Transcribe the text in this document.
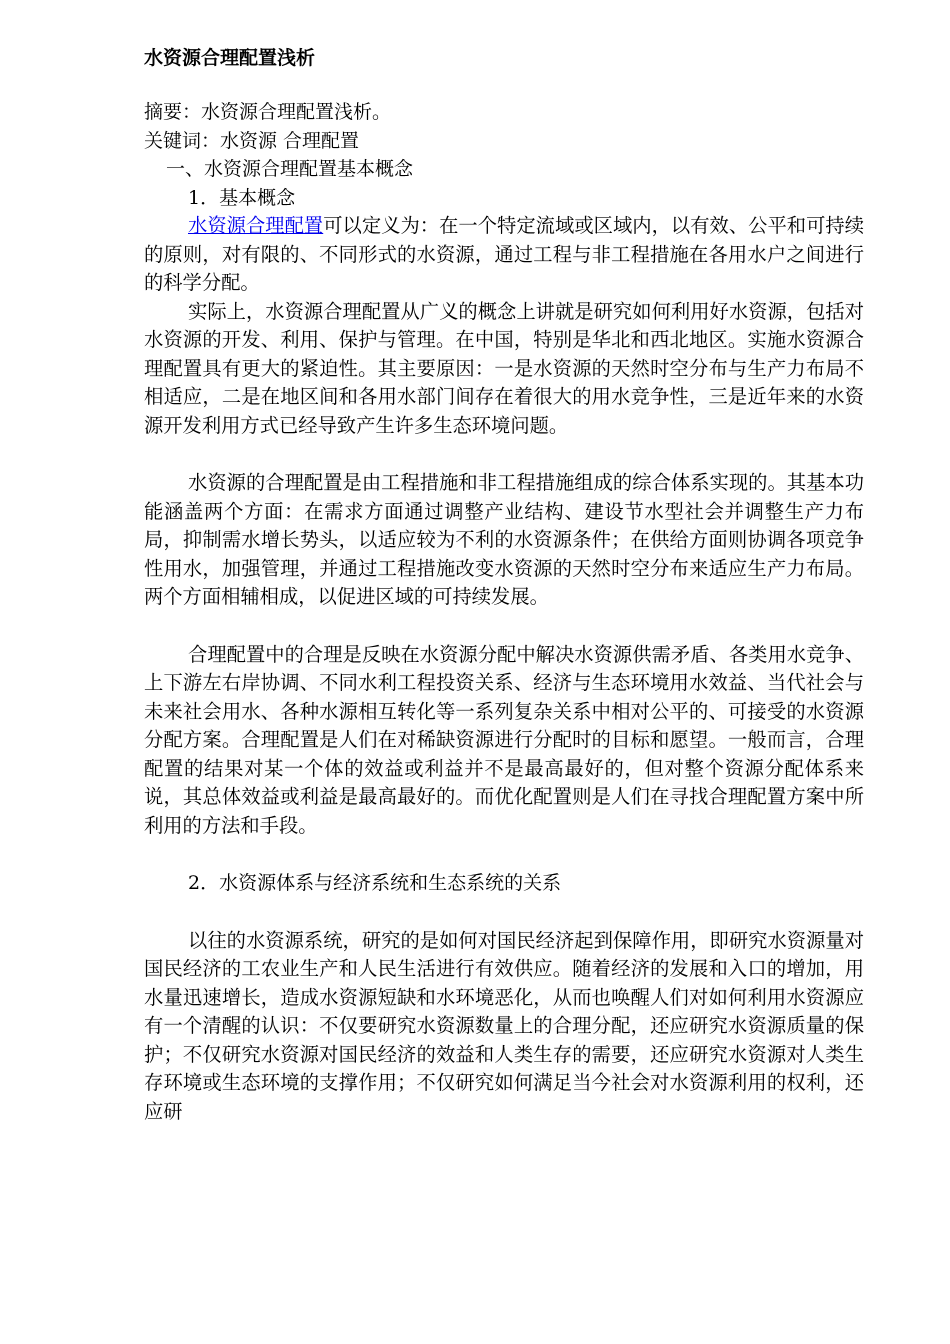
水资源合理配置浅析
摘要：水资源合理配置浅析。
关键词：水资源 合理配置
一、水资源合理配置基本概念
1．基本概念

水资源合理配置可以定义为：在一个特定流域或区域内，以有效、公平和可持续的原则，对有限的、不同形式的水资源，通过工程与非工程措施在各用水户之间进行的科学分配。

实际上，水资源合理配置从广义的概念上讲就是研究如何利用好水资源，包括对水资源的开发、利用、保护与管理。在中国，特别是华北和西北地区。实施水资源合理配置具有更大的紧迫性。其主要原因：一是水资源的天然时空分布与生产力布局不相适应，二是在地区间和各用水部门间存在着很大的用水竞争性，三是近年来的水资源开发利用方式已经导致产生许多生态环境问题。

水资源的合理配置是由工程措施和非工程措施组成的综合体系实现的。其基本功能涵盖两个方面：在需求方面通过调整产业结构、建设节水型社会并调整生产力布局，抑制需水增长势头，以适应较为不利的水资源条件；在供给方面则协调各项竞争性用水，加强管理，并通过工程措施改变水资源的天然时空分布来适应生产力布局。两个方面相辅相成，以促进区域的可持续发展。

合理配置中的合理是反映在水资源分配中解决水资源供需矛盾、各类用水竞争、上下游左右岸协调、不同水利工程投资关系、经济与生态环境用水效益、当代社会与未来社会用水、各种水源相互转化等一系列复杂关系中相对公平的、可接受的水资源分配方案。合理配置是人们在对稀缺资源进行分配时的目标和愿望。一般而言，合理配置的结果对某一个体的效益或利益并不是最高最好的，但对整个资源分配体系来说，其总体效益或利益是最高最好的。而优化配置则是人们在寻找合理配置方案中所利用的方法和手段。

2．水资源体系与经济系统和生态系统的关系

以往的水资源系统，研究的是如何对国民经济起到保障作用，即研究水资源量对国民经济的工农业生产和人民生活进行有效供应。随着经济的发展和入口的增加，用水量迅速增长，造成水资源短缺和水环境恶化，从而也唤醒人们对如何利用水资源应有一个清醒的认识：不仅要研究水资源数量上的合理分配，还应研究水资源质量的保护；不仅研究水资源对国民经济的效益和人类生存的需要，还应研究水资源对人类生存环境或生态环境的支撑作用；不仅研究如何满足当今社会对水资源利用的权利，还应研
